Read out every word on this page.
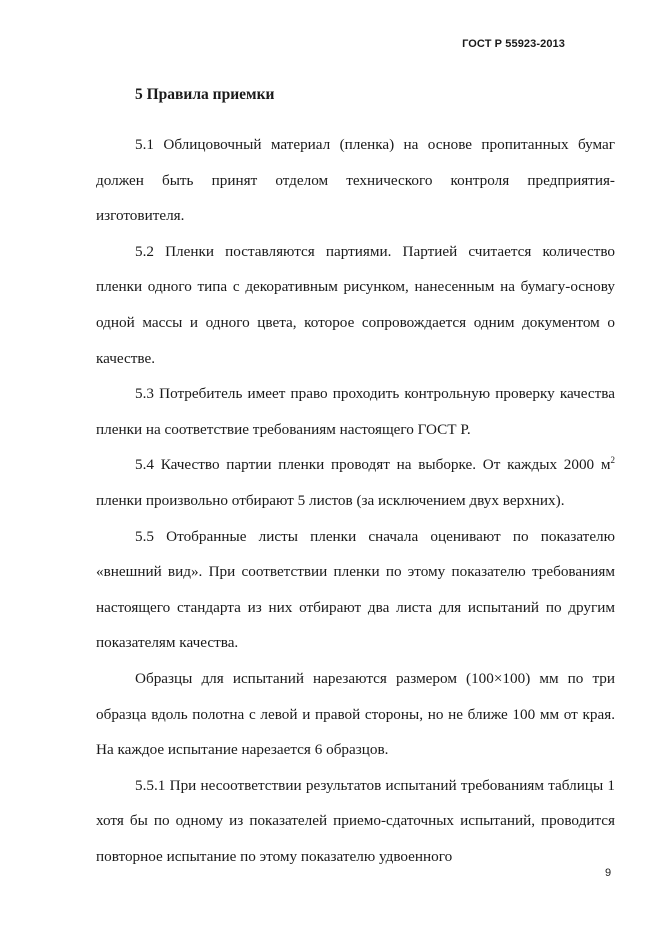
ГОСТ Р 55923-2013
5 Правила приемки

5.1 Облицовочный материал (пленка) на основе пропитанных бумаг должен быть принят отделом технического контроля предприятия-изготовителя.

5.2 Пленки поставляются партиями. Партией считается количество пленки одного типа с декоративным рисунком, нанесенным на бумагу-основу одной массы и одного цвета, которое сопровождается одним документом о качестве.

5.3 Потребитель имеет право проходить контрольную проверку качества пленки на соответствие требованиям настоящего ГОСТ Р.

5.4 Качество партии пленки проводят на выборке. От каждых 2000 $м^2$ пленки произвольно отбирают 5 листов (за исключением двух верхних).

5.5 Отобранные листы пленки сначала оценивают по показателю «внешний вид». При соответствии пленки по этому показателю требованиям настоящего стандарта из них отбирают два листа для испытаний по другим показателям качества.

Образцы для испытаний нарезаются размером (100×100) мм по три образца вдоль полотна с левой и правой стороны, но не ближе 100 мм от края. На каждое испытание нарезается 6 образцов.

5.5.1 При несоответствии результатов испытаний требованиям таблицы 1 хотя бы по одному из показателей приемо-сдаточных испытаний, проводится повторное испытание по этому показателю удвоенного

9
